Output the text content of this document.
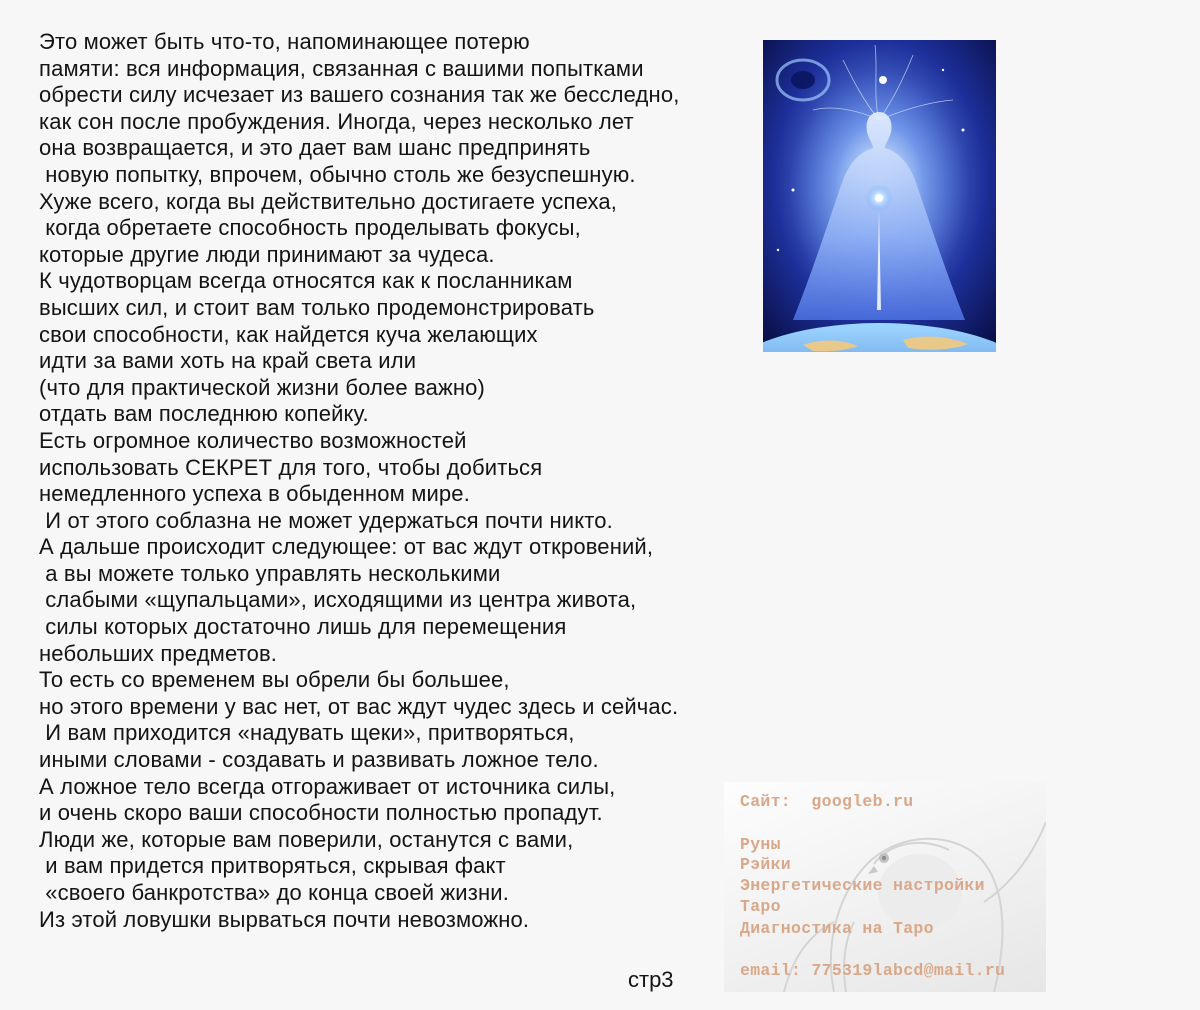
Это может быть что-то, напоминающее потерю
памяти: вся информация, связанная с вашими попытками
обрести силу исчезает из вашего сознания так же бесследно,
как сон после пробуждения. Иногда, через несколько лет
она возвращается, и это дает вам шанс предпринять
новую попытку, впрочем, обычно столь же безуспешную.
Хуже всего, когда вы действительно достигаете успеха,
когда обретаете способность проделывать фокусы,
которые другие люди принимают за чудеса.
К чудотворцам всегда относятся как к посланникам
высших сил, и стоит вам только продемонстрировать
свои способности, как найдется куча желающих
идти за вами хоть на край света или
(что для практической жизни более важно)
отдать вам последнюю копейку.
Есть огромное количество возможностей
использовать СЕКРЕТ для того, чтобы добиться
немедленного успеха в обыденном мире.
И от этого соблазна не может удержаться почти никто.
А дальше происходит следующее: от вас ждут откровений,
а вы можете только управлять несколькими
слабыми «щупальцами», исходящими из центра живота,
силы которых достаточно лишь для перемещения
небольших предметов.
То есть со временем вы обрели бы большее,
но этого времени у вас нет, от вас ждут чудес здесь и сейчас.
И вам приходится «надувать щеки», притворяться,
иными словами - создавать и развивать ложное тело.
А ложное тело всегда отгораживает от источника силы,
и очень скоро ваши способности полностью пропадут.
Люди же, которые вам поверили, останутся с вами,
и вам придется притворяться, скрывая факт
«своего банкротства» до конца своей жизни.
Из этой ловушки вырваться почти невозможно.
стр3
Сайт:  googleb.ru
Руны
Рэйки
Энергетические настройки
Таро
Диагностика на Таро
email: 775319labcd@mail.ru
